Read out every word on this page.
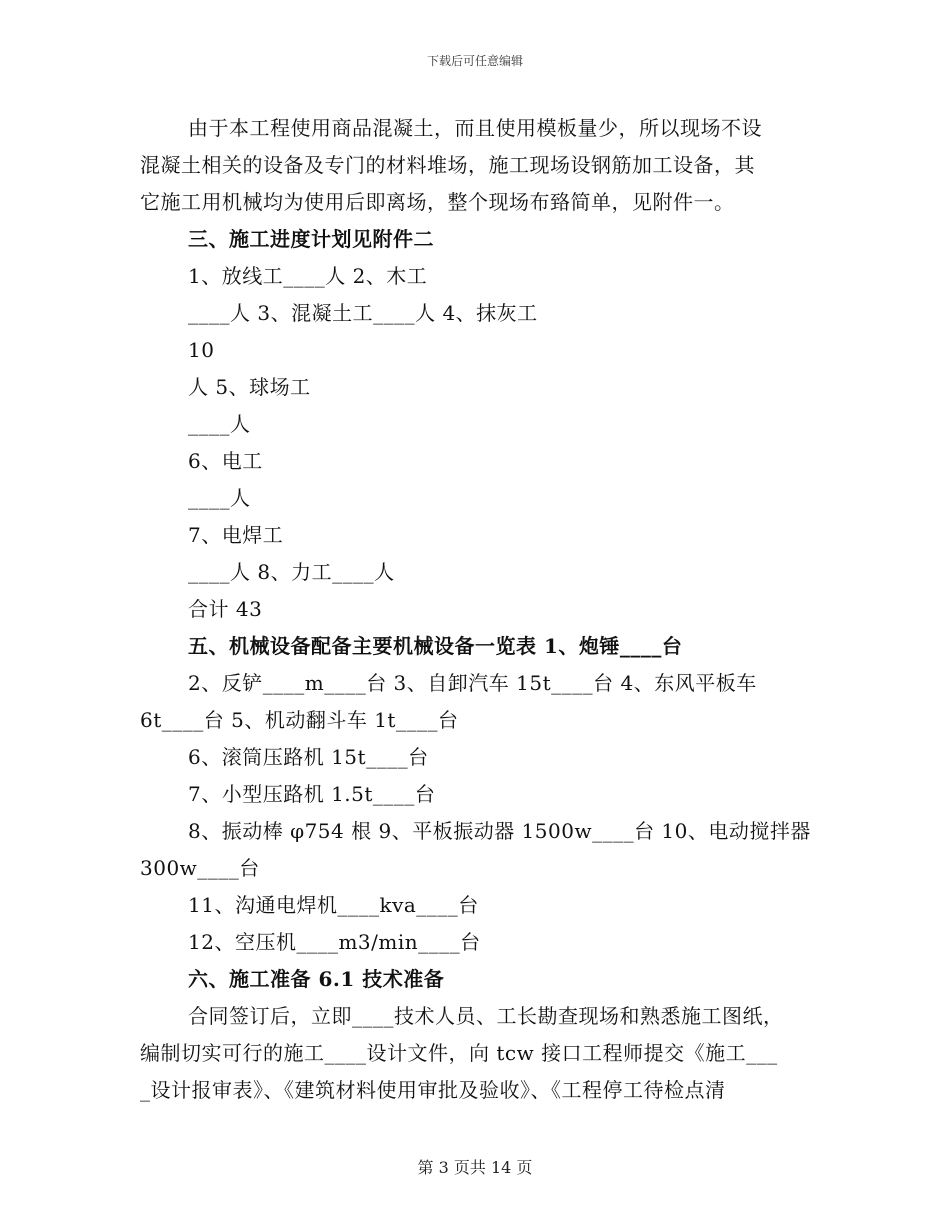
下载后可任意编辑
由于本工程使用商品混凝土，而且使用模板量少，所以现场不设
混凝土相关的设备及专门的材料堆场，施工现场设钢筋加工设备，其
它施工用机械均为使用后即离场，整个现场布臵简单，见附件一。
三、施工进度计划见附件二
1、放线工____人 2、木工
____人 3、混凝土工____人 4、抹灰工
10
人 5、球场工
____人
6、电工
____人
7、电焊工
____人 8、力工____人
合计 43
五、机械设备配备主要机械设备一览表 1、炮锤____台
2、反铲____m____台 3、自卸汽车 15t____台 4、东风平板车
6t____台 5、机动翻斗车 1t____台
6、滚筒压路机 15t____台
7、小型压路机 1.5t____台
8、振动棒 φ754 根 9、平板振动器 1500w____台 10、电动搅拌器
300w____台
11、沟通电焊机____kva____台
12、空压机____m3/min____台
六、施工准备 6.1 技术准备
合同签订后，立即____技术人员、工长勘查现场和熟悉施工图纸，
编制切实可行的施工____设计文件，向 tcw 接口工程师提交《施工___
_设计报审表》、《建筑材料使用审批及验收》、《工程停工待检点清
第 3 页共 14 页
